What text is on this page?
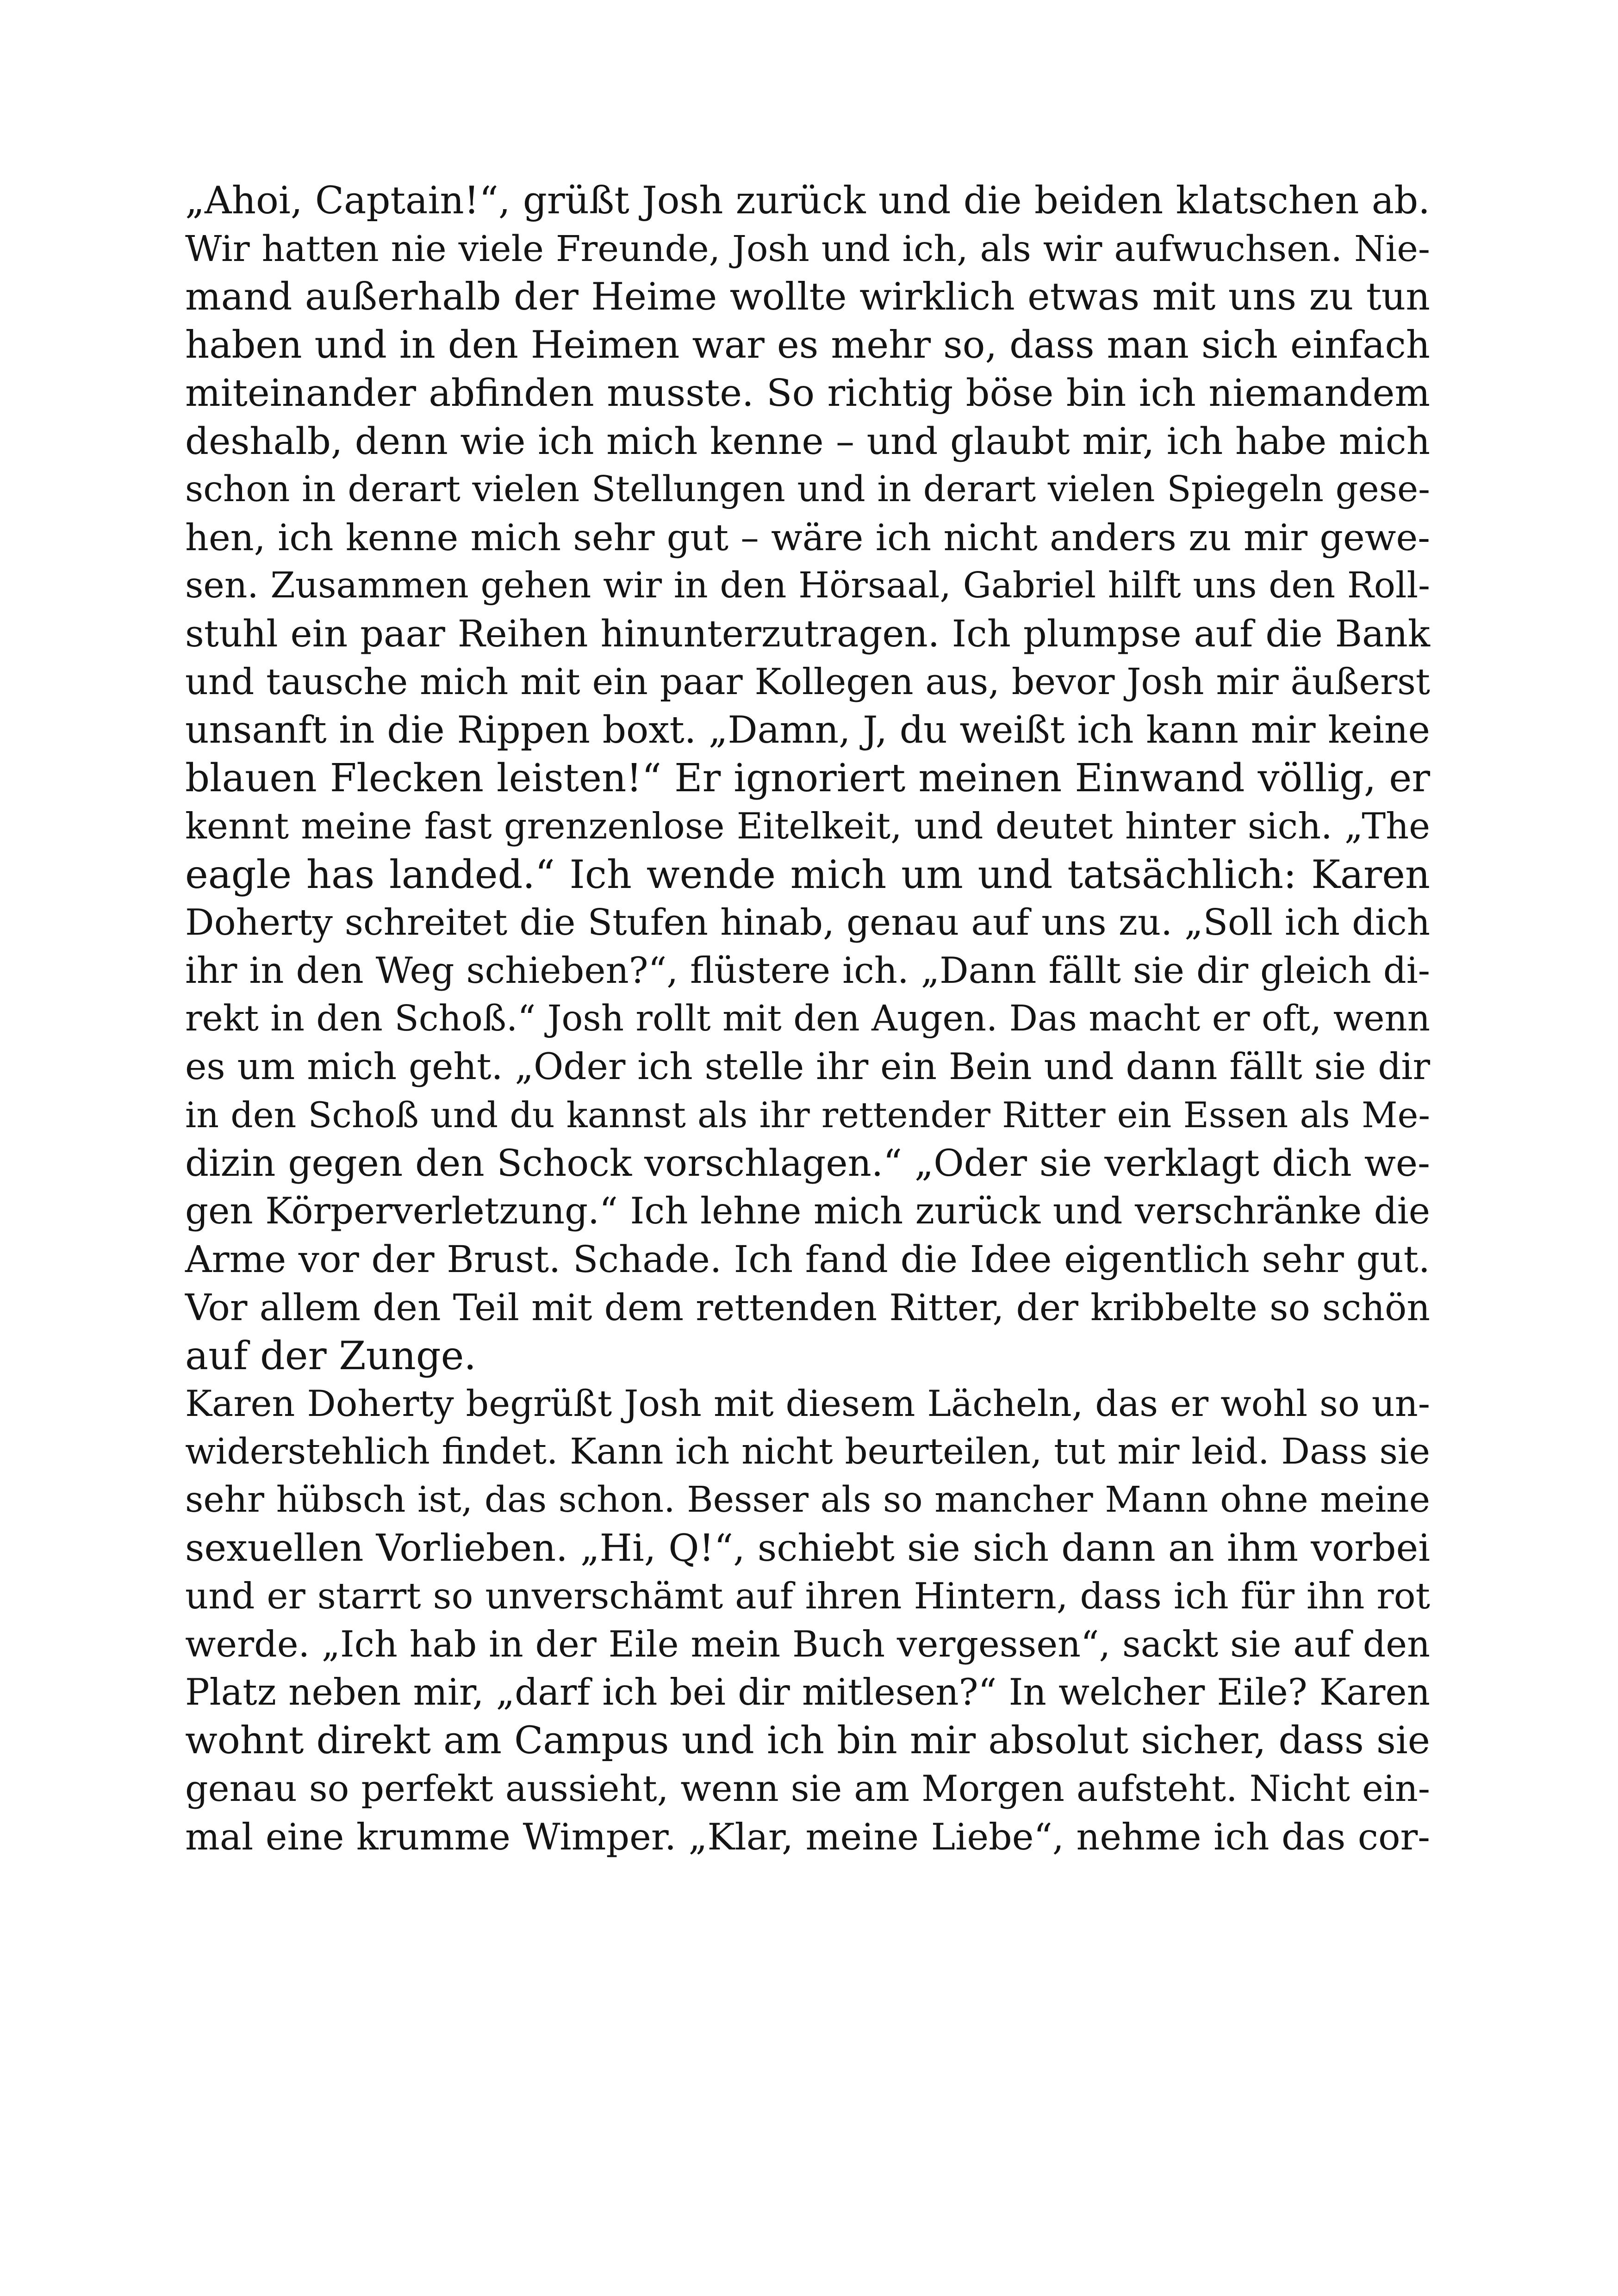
„Ahoi, Captain!“, grüßt Josh zurück und die beiden klatschen ab.
Wir hatten nie viele Freunde, Josh und ich, als wir aufwuchsen. Nie-
mand außerhalb der Heime wollte wirklich etwas mit uns zu tun
haben und in den Heimen war es mehr so, dass man sich einfach
miteinander abfinden musste. So richtig böse bin ich niemandem
deshalb, denn wie ich mich kenne – und glaubt mir, ich habe mich
schon in derart vielen Stellungen und in derart vielen Spiegeln gese-
hen, ich kenne mich sehr gut – wäre ich nicht anders zu mir gewe-
sen. Zusammen gehen wir in den Hörsaal, Gabriel hilft uns den Roll-
stuhl ein paar Reihen hinunterzutragen. Ich plumpse auf die Bank
und tausche mich mit ein paar Kollegen aus, bevor Josh mir äußerst
unsanft in die Rippen boxt. „Damn, J, du weißt ich kann mir keine
blauen Flecken leisten!“ Er ignoriert meinen Einwand völlig, er
kennt meine fast grenzenlose Eitelkeit, und deutet hinter sich. „The
eagle has landed.“ Ich wende mich um und tatsächlich: Karen
Doherty schreitet die Stufen hinab, genau auf uns zu. „Soll ich dich
ihr in den Weg schieben?“, flüstere ich. „Dann fällt sie dir gleich di-
rekt in den Schoß.“ Josh rollt mit den Augen. Das macht er oft, wenn
es um mich geht. „Oder ich stelle ihr ein Bein und dann fällt sie dir
in den Schoß und du kannst als ihr rettender Ritter ein Essen als Me-
dizin gegen den Schock vorschlagen.“ „Oder sie verklagt dich we-
gen Körperverletzung.“ Ich lehne mich zurück und verschränke die
Arme vor der Brust. Schade. Ich fand die Idee eigentlich sehr gut.
Vor allem den Teil mit dem rettenden Ritter, der kribbelte so schön
auf der Zunge.
Karen Doherty begrüßt Josh mit diesem Lächeln, das er wohl so un-
widerstehlich findet. Kann ich nicht beurteilen, tut mir leid. Dass sie
sehr hübsch ist, das schon. Besser als so mancher Mann ohne meine
sexuellen Vorlieben. „Hi, Q!“, schiebt sie sich dann an ihm vorbei
und er starrt so unverschämt auf ihren Hintern, dass ich für ihn rot
werde. „Ich hab in der Eile mein Buch vergessen“, sackt sie auf den
Platz neben mir, „darf ich bei dir mitlesen?“ In welcher Eile? Karen
wohnt direkt am Campus und ich bin mir absolut sicher, dass sie
genau so perfekt aussieht, wenn sie am Morgen aufsteht. Nicht ein-
mal eine krumme Wimper. „Klar, meine Liebe“, nehme ich das cor-
